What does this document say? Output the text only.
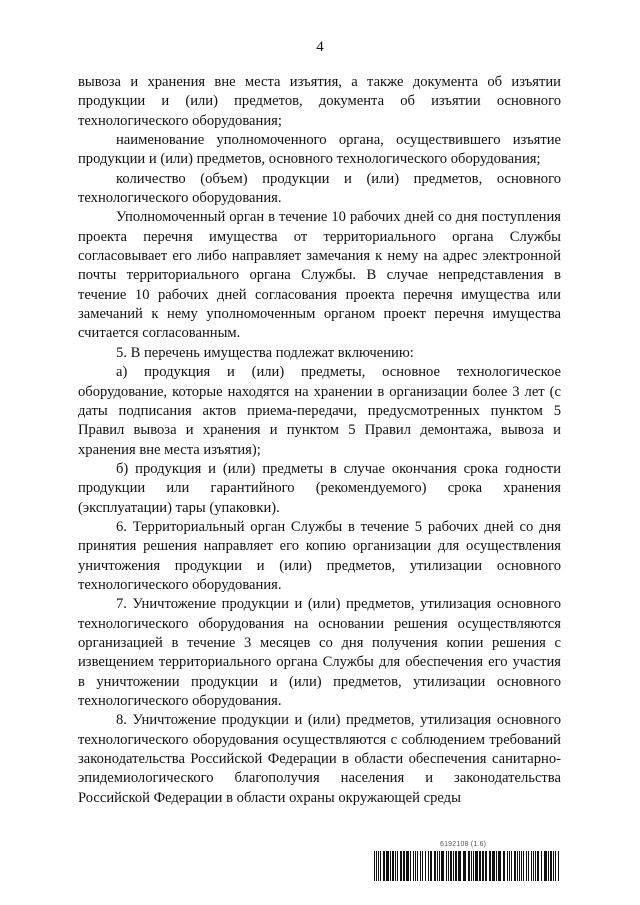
4

вывоза и хранения вне места изъятия, а также документа об изъятии продукции и (или) предметов, документа об изъятии основного технологического оборудования;

наименование уполномоченного органа, осуществившего изъятие продукции и (или) предметов, основного технологического оборудования;

количество (объем) продукции и (или) предметов, основного технологического оборудования.

Уполномоченный орган в течение 10 рабочих дней со дня поступления проекта перечня имущества от территориального органа Службы согласовывает его либо направляет замечания к нему на адрес электронной почты территориального органа Службы. В случае непредставления в течение 10 рабочих дней согласования проекта перечня имущества или замечаний к нему уполномоченным органом проект перечня имущества считается согласованным.

5. В перечень имущества подлежат включению:

а) продукция и (или) предметы, основное технологическое оборудование, которые находятся на хранении в организации более 3 лет (с даты подписания актов приема-передачи, предусмотренных пунктом 5 Правил вывоза и хранения и пунктом 5 Правил демонтажа, вывоза и хранения вне места изъятия);

б) продукция и (или) предметы в случае окончания срока годности продукции или гарантийного (рекомендуемого) срока хранения (эксплуатации) тары (упаковки).

6. Территориальный орган Службы в течение 5 рабочих дней со дня принятия решения направляет его копию организации для осуществления уничтожения продукции и (или) предметов, утилизации основного технологического оборудования.

7. Уничтожение продукции и (или) предметов, утилизация основного технологического оборудования на основании решения осуществляются организацией в течение 3 месяцев со дня получения копии решения с извещением территориального органа Службы для обеспечения его участия в уничтожении продукции и (или) предметов, утилизации основного технологического оборудования.

8. Уничтожение продукции и (или) предметов, утилизация основного технологического оборудования осуществляются с соблюдением требований законодательства Российской Федерации в области обеспечения санитарно-эпидемиологического благополучия населения и законодательства Российской Федерации в области охраны окружающей среды

6192108 (1.6)
